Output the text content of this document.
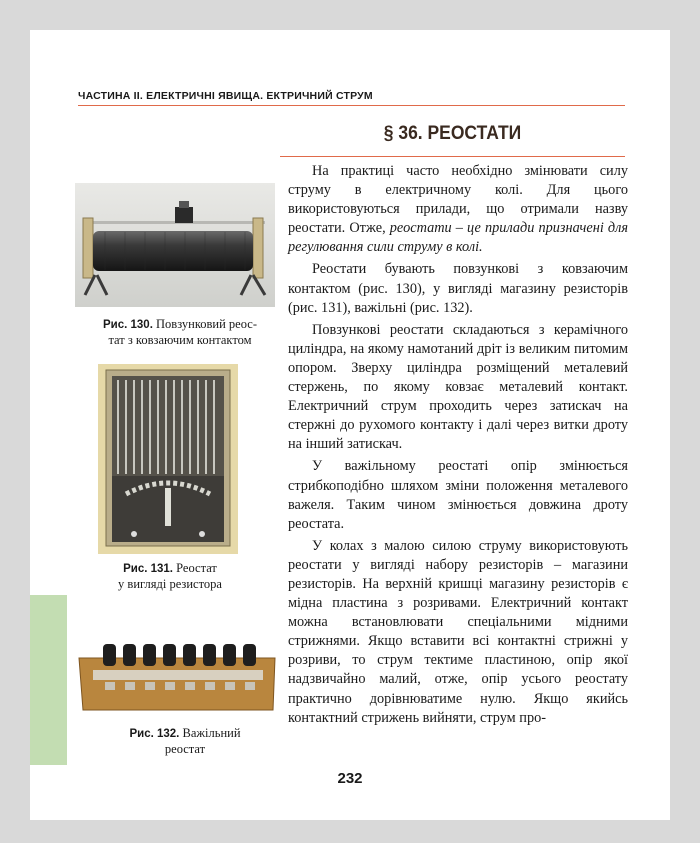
ЧАСТИНА ІІ. ЕЛЕКТРИЧНІ ЯВИЩА. ЕКТРИЧНИЙ СТРУМ
§ 36. РЕОСТАТИ
Рис. 130. Повзунковий реос-
тат з ковзаючим контактом
Рис. 131. Реостат
у вигляді резистора
Рис. 132. Важільний
реостат

На практиці часто необхідно змінювати силу струму в електричному колі. Для цього використовуються прилади, що отримали назву реостати. Отже, реостати – це прилади призначені для регулювання сили струму в колі.

Реостати бувають повзункові з ковзаючим контактом (рис. 130), у вигляді магазину резисторів (рис. 131), важільні (рис. 132).

Повзункові реостати складаються з керамічного циліндра, на якому намотаний дріт із великим питомим опором. Зверху циліндра розміщений металевий стержень, по якому ковзає металевий контакт. Електричний струм проходить через затискач на стержні до рухомого контакту і далі через витки дроту на інший затискач.

У важільному реостаті опір змінюється стрибкоподібно шляхом зміни положення металевого важеля. Таким чином змінюється довжина дроту реостата.

У колах з малою силою струму використовують реостати у вигляді набору резисторів – магазини резисторів. На верхній кришці магазину резисторів є мідна пластина з розривами. Електричний контакт можна встановлювати спеціальними мідними стрижнями. Якщо вставити всі контактні стрижні у розриви, то струм тектиме пластиною, опір якої надзвичайно малий, отже, опір усього реостату практично дорівнюватиме нулю. Якщо якийсь контактний стрижень вийняти, струм про-

232
